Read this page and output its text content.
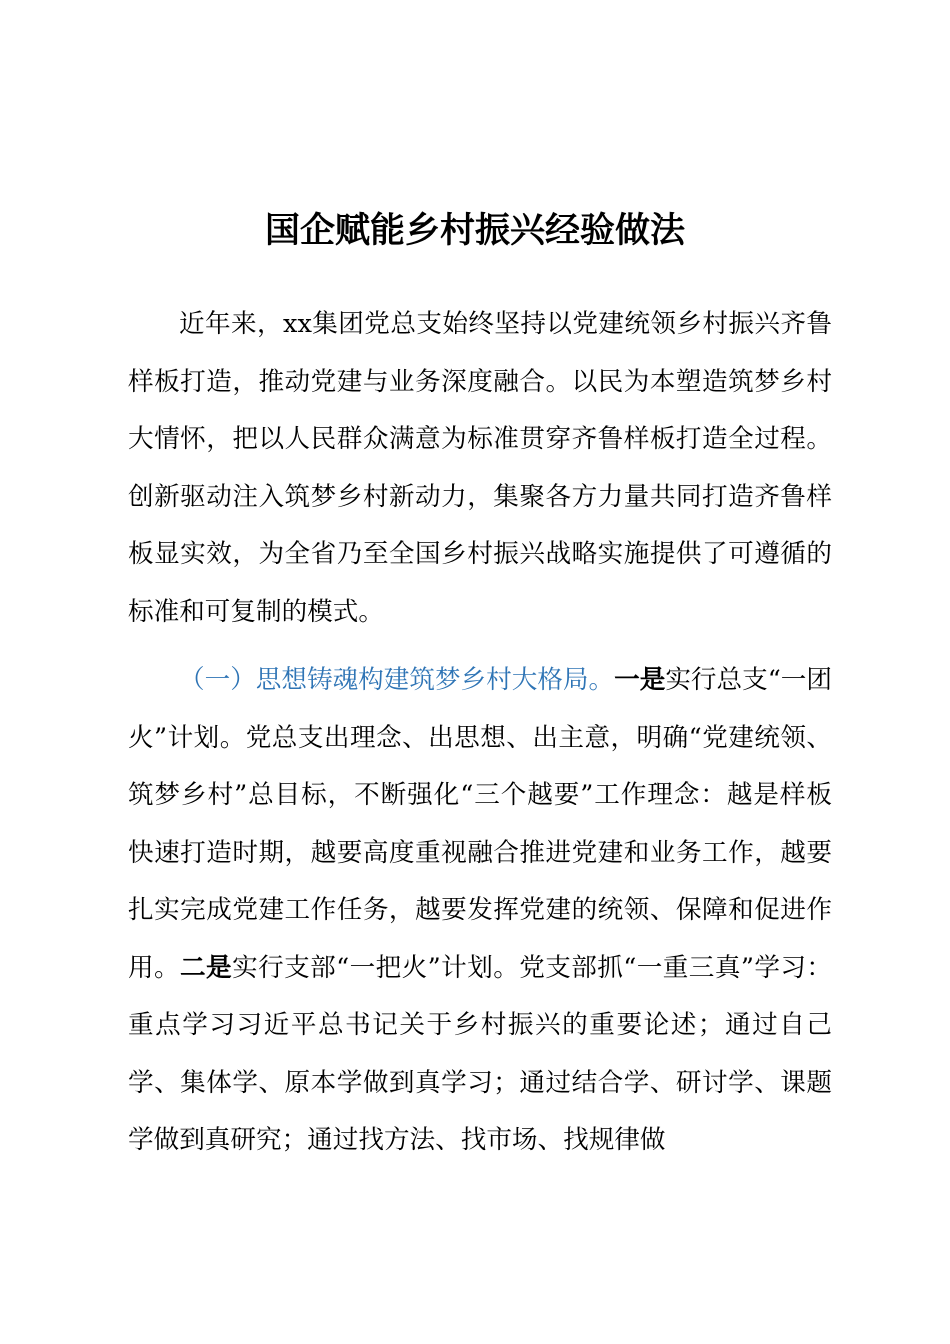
国企赋能乡村振兴经验做法

近年来，xx集团党总支始终坚持以党建统领乡村振兴齐鲁样板打造，推动党建与业务深度融合。以民为本塑造筑梦乡村大情怀，把以人民群众满意为标准贯穿齐鲁样板打造全过程。创新驱动注入筑梦乡村新动力，集聚各方力量共同打造齐鲁样板显实效，为全省乃至全国乡村振兴战略实施提供了可遵循的标准和可复制的模式。

（一）思想铸魂构建筑梦乡村大格局。一是实行总支“一团火”计划。党总支出理念、出思想、出主意，明确“党建统领、筑梦乡村”总目标，不断强化“三个越要”工作理念：越是样板快速打造时期，越要高度重视融合推进党建和业务工作，越要扎实完成党建工作任务，越要发挥党建的统领、保障和促进作用。二是实行支部“一把火”计划。党支部抓“一重三真”学习：重点学习习近平总书记关于乡村振兴的重要论述；通过自己学、集体学、原本学做到真学习；通过结合学、研讨学、课题学做到真研究；通过找方法、找市场、找规律做
